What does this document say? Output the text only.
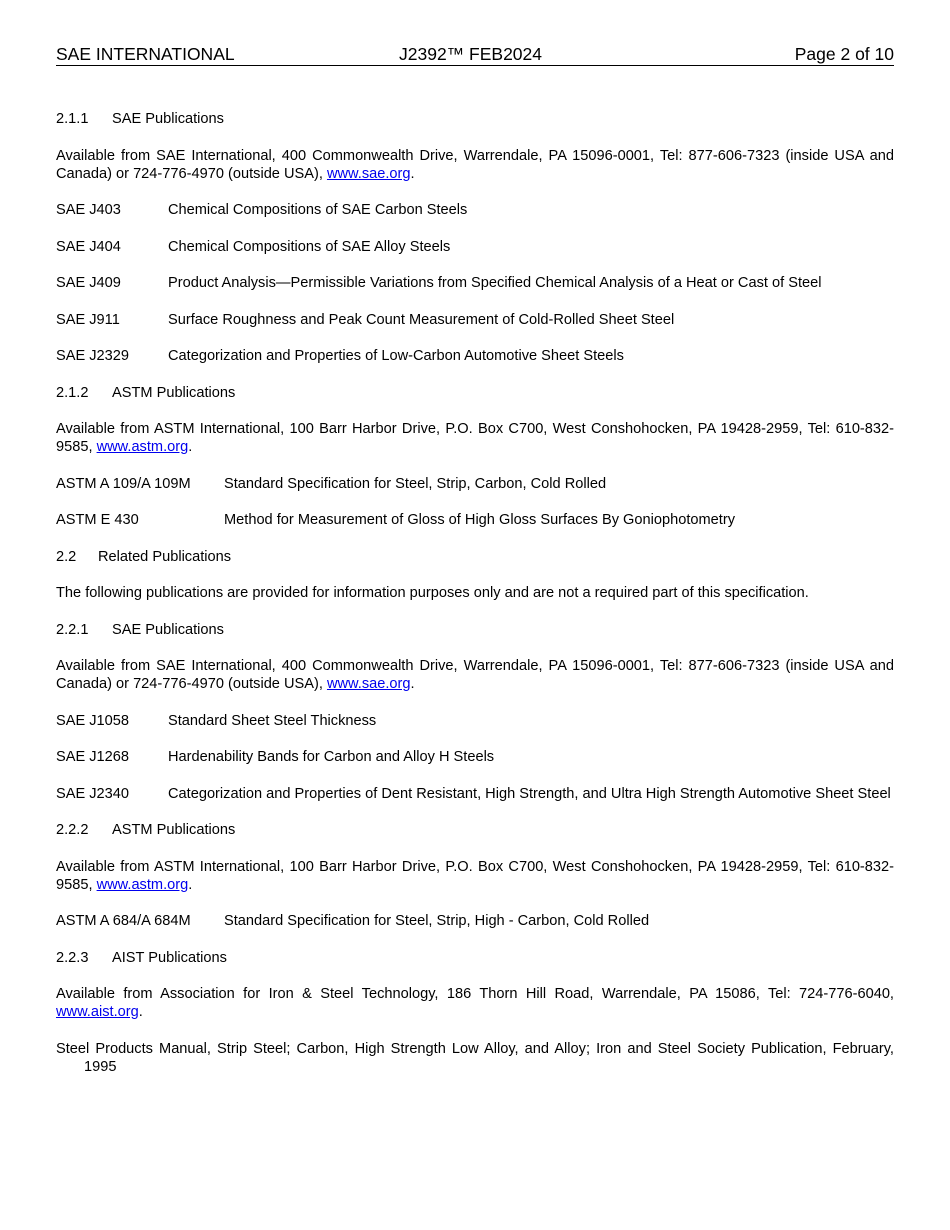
SAE INTERNATIONAL	J2392™ FEB2024	Page 2 of 10
2.1.1 SAE Publications

Available from SAE International, 400 Commonwealth Drive, Warrendale, PA 15096-0001, Tel: 877-606-7323 (inside USA and Canada) or 724-776-4970 (outside USA), www.sae.org.

SAE J403	Chemical Compositions of SAE Carbon Steels
SAE J404	Chemical Compositions of SAE Alloy Steels
SAE J409	Product Analysis—Permissible Variations from Specified Chemical Analysis of a Heat or Cast of Steel
SAE J911	Surface Roughness and Peak Count Measurement of Cold-Rolled Sheet Steel
SAE J2329	Categorization and Properties of Low-Carbon Automotive Sheet Steels
2.1.2 ASTM Publications

Available from ASTM International, 100 Barr Harbor Drive, P.O. Box C700, West Conshohocken, PA 19428-2959, Tel: 610-832-9585, www.astm.org.

ASTM A 109/A 109M	Standard Specification for Steel, Strip, Carbon, Cold Rolled
ASTM E 430	Method for Measurement of Gloss of High Gloss Surfaces By Goniophotometry
2.2 Related Publications

The following publications are provided for information purposes only and are not a required part of this specification.

2.2.1 SAE Publications

Available from SAE International, 400 Commonwealth Drive, Warrendale, PA 15096-0001, Tel: 877-606-7323 (inside USA and Canada) or 724-776-4970 (outside USA), www.sae.org.

SAE J1058	Standard Sheet Steel Thickness
SAE J1268	Hardenability Bands for Carbon and Alloy H Steels
SAE J2340	Categorization and Properties of Dent Resistant, High Strength, and Ultra High Strength Automotive Sheet Steel
2.2.2 ASTM Publications

Available from ASTM International, 100 Barr Harbor Drive, P.O. Box C700, West Conshohocken, PA 19428-2959, Tel: 610-832-9585, www.astm.org.

ASTM A 684/A 684M	Standard Specification for Steel, Strip, High - Carbon, Cold Rolled
2.2.3 AIST Publications

Available from Association for Iron & Steel Technology, 186 Thorn Hill Road, Warrendale, PA 15086, Tel: 724-776-6040, www.aist.org.

Steel Products Manual, Strip Steel; Carbon, High Strength Low Alloy, and Alloy; Iron and Steel Society Publication, February, 1995
